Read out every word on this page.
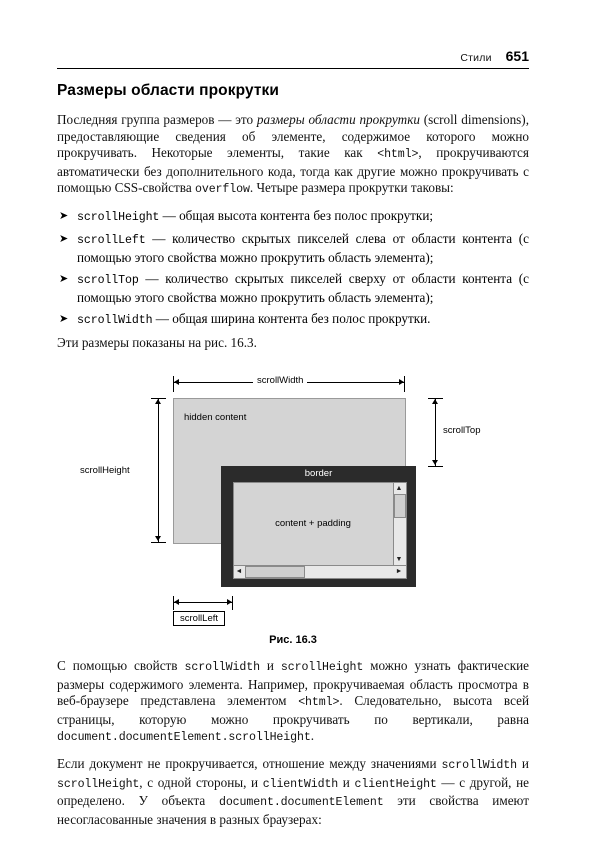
Стили 651
Размеры области прокрутки

Последняя группа размеров — это размеры области прокрутки (scroll dimensions), предоставляющие сведения об элементе, содержимое которого можно прокручивать. Некоторые элементы, такие как <html>, прокручиваются автоматически без дополнительного кода, тогда как другие можно прокручивать с помощью CSS-свойства overflow. Четыре размера прокрутки таковы:

➤ scrollHeight — общая высота контента без полос прокрутки;
➤ scrollLeft — количество скрытых пикселей слева от области контента (с помощью этого свойства можно прокрутить область элемента);
➤ scrollTop — количество скрытых пикселей сверху от области контента (с помощью этого свойства можно прокрутить область элемента);
➤ scrollWidth — общая ширина контента без полос прокрутки.

Эти размеры показаны на рис. 16.3.

scrollWidth
hidden content
scrollHeight
scrollTop
border
content + padding
▲
▼
◄	►
scrollLeft
Рис. 16.3

С помощью свойств scrollWidth и scrollHeight можно узнать фактические размеры содержимого элемента. Например, прокручиваемая область просмотра в веб-браузере представлена элементом <html>. Следовательно, высота всей страницы, которую можно прокручивать по вертикали, равна document.documentElement.scrollHeight.

Если документ не прокручивается, отношение между значениями scrollWidth и scrollHeight, с одной стороны, и clientWidth и clientHeight — с другой, не определено. У объекта document.documentElement эти свойства имеют несогласованные значения в разных браузерах:
